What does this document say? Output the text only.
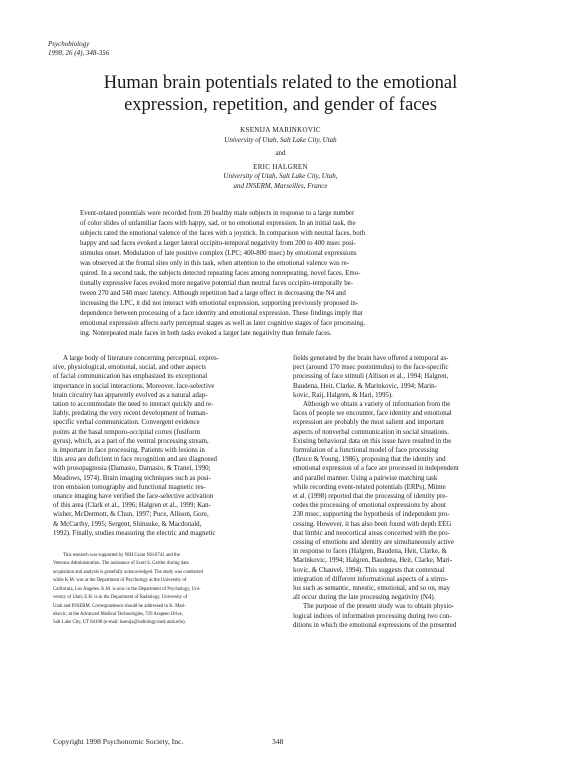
Psychobiology
1998, 26 (4), 348-356
Human brain potentials related to the emotional
expression, repetition, and gender of faces
KSENIJA MARINKOVIC
University of Utah, Salt Lake City, Utah
and
ERIC HALGREN
University of Utah, Salt Lake City, Utah,
and INSERM, Marseilles, France
Event-related potentials were recorded from 20 healthy male subjects in response to a large number
of color slides of unfamiliar faces with happy, sad, or no emotional expression. In an initial task, the
subjects rated the emotional valence of the faces with a joystick. In comparison with neutral faces, both
happy and sad faces evoked a larger lateral occipito-temporal negativity from 200 to 400 msec posi-
stimulus onset. Modulation of late positive complex (LPC; 400-800 msec) by emotional expressions
was observed at the frontal sites only in this task, when attention to the emotional valence was re-
quired. In a second task, the subjects detected repeating faces among nonrepeating, novel faces. Emo-
tionally expressive faces evoked more negative potential than neutral faces occipito-temporally be-
tween 270 and 540 msec latency. Although repetition had a large effect in decreasing the N4 and
increasing the LPC, it did not interact with emotional expression, supporting previously proposed in-
dependence between processing of a face identity and emotional expression. These findings imply that
emotional expression affects early perceptual stages as well as later cognitive stages of face processing.
ing. Nonrepeated male faces in both tasks evoked a larger late negativity than female faces.
A large body of literature concerning perceptual, expres-
sive, physiological, emotional, social, and other aspects
of facial communication has emphasized its exceptional
importance in social interactions. Moreover, face-selective
brain circuitry has apparently evolved as a natural adap-
tation to accommodate the need to interact quickly and re-
liably, predating the very recent development of human-
specific verbal communication. Convergent evidence
points at the basal temporo-occipital cortex (fusiform
gyrus), which, as a part of the ventral processing stream,
is important in face processing. Patients with lesions in
this area are deficient in face recognition and are diagnosed
with prosopagnosia (Damasio, Damasio, & Tranel, 1990;
Meadows, 1974). Brain imaging techniques such as posi-
tron emission tomography and functional magnetic res-
onance imaging have verified the face-selective activation
of this area (Clark et al., 1996; Halgren et al., 1999; Kan-
wisher, McDermott, & Chun, 1997; Puce, Allison, Gore,
& McCarthy, 1995; Sergent, Shinsuke, & Macdonald,
1992). Finally, studies measuring the electric and magnetic
This research was supported by NIH Grant NS18741 and the
Veterans Administration. The assistance of Scott S. Gertler during data
acquisition and analysis is gratefully acknowledged. The study was conducted
while K.M. was at the Department of Psychology at the University of
California, Los Angeles. K.M. is now in the Department of Psychology, Uni-
versity of Utah; E.H. is in the Department of Radiology, University of
Utah and INSERM. Correspondence should be addressed to K. Mari-
nkovic, at the Advanced Medical Technologies, 729 Arapeen Drive,
Salt Lake City, UT 84108 (e-mail: ksenija@radiology.med.utah.edu).
fields generated by the brain have offered a temporal as-
pect (around 170 msec poststimulus) to the face-specific
processing of face stimuli (Allison et al., 1994; Halgren,
Baudena, Heit, Clarke, & Marinkovic, 1994; Marin-
kovic, Raij, Halgren, & Hari, 1995).
Although we obtain a variety of information from the
faces of people we encounter, face identity and emotional
expression are probably the most salient and important
aspects of nonverbal communication in social situations.
Existing behavioral data on this issue have resulted in the
formulation of a functional model of face processing
(Bruce & Young, 1986), proposing that the identity and
emotional expression of a face are processed in independent
and parallel manner. Using a pairwise matching task
while recording event-related potentials (ERPs), Münte
et al. (1998) reported that the processing of identity pre-
cedes the processing of emotional expressions by about
230 msec, supporting the hypothesis of independent pro-
cessing. However, it has also been found with depth EEG
that limbic and neocortical areas concerned with the pro-
cessing of emotions and identity are simultaneously active
in response to faces (Halgren, Baudena, Heit, Clarke, &
Marinkovic, 1994; Halgren, Baudena, Heit, Clarke, Mari-
kovic, & Chauvel, 1994). This suggests that contextual
integration of different informational aspects of a stimu-
lus such as semantic, mnestic, emotional, and so on, may
all occur during the late processing negativity (N4).
The purpose of the present study was to obtain physio-
logical indices of information processing during two con-
ditions in which the emotional expressions of the presented
Copyright 1998 Psychonomic Society, Inc.	348
